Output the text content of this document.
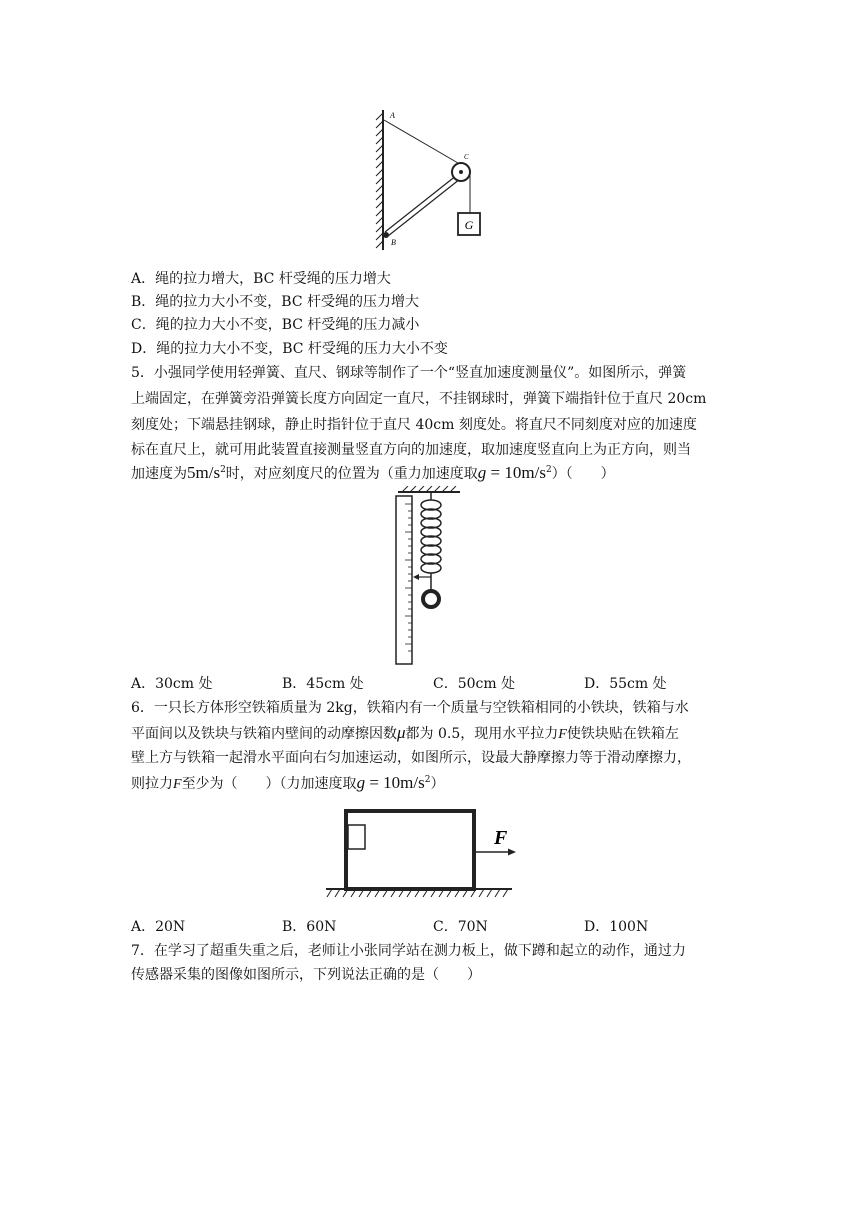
G
A
B
C
A．绳的拉力增大，BC 杆受绳的压力增大
B．绳的拉力大小不变，BC 杆受绳的压力增大
C．绳的拉力大小不变，BC 杆受绳的压力减小
D．绳的拉力大小不变，BC 杆受绳的压力大小不变
5．小强同学使用轻弹簧、直尺、钢球等制作了一个“竖直加速度测量仪”。如图所示，弹簧
上端固定，在弹簧旁沿弹簧长度方向固定一直尺，不挂钢球时，弹簧下端指针位于直尺 20cm
刻度处；下端悬挂钢球，静止时指针位于直尺 40cm 刻度处。将直尺不同刻度对应的加速度
标在直尺上，就可用此装置直接测量竖直方向的加速度，取加速度竖直向上为正方向，则当
加速度为$5m/s^2$时，对应刻度尺的位置为（重力加速度取$g = 10m/s^2$）（　　）
A．30cm 处	B．45cm 处	C．50cm 处	D．55cm 处
6．一只长方体形空铁箱质量为 2kg，铁箱内有一个质量与空铁箱相同的小铁块，铁箱与水
平面间以及铁块与铁箱内壁间的动摩擦因数μ都为 0.5，现用水平拉力F使铁块贴在铁箱左
壁上方与铁箱一起滑水平面向右匀加速运动，如图所示，设最大静摩擦力等于滑动摩擦力，
则拉力F至少为（　　）（力加速度取$g = 10m/s^2$）
F
A．20N	B．60N	C．70N	D．100N
7．在学习了超重失重之后，老师让小张同学站在测力板上，做下蹲和起立的动作，通过力
传感器采集的图像如图所示，下列说法正确的是（　　）
